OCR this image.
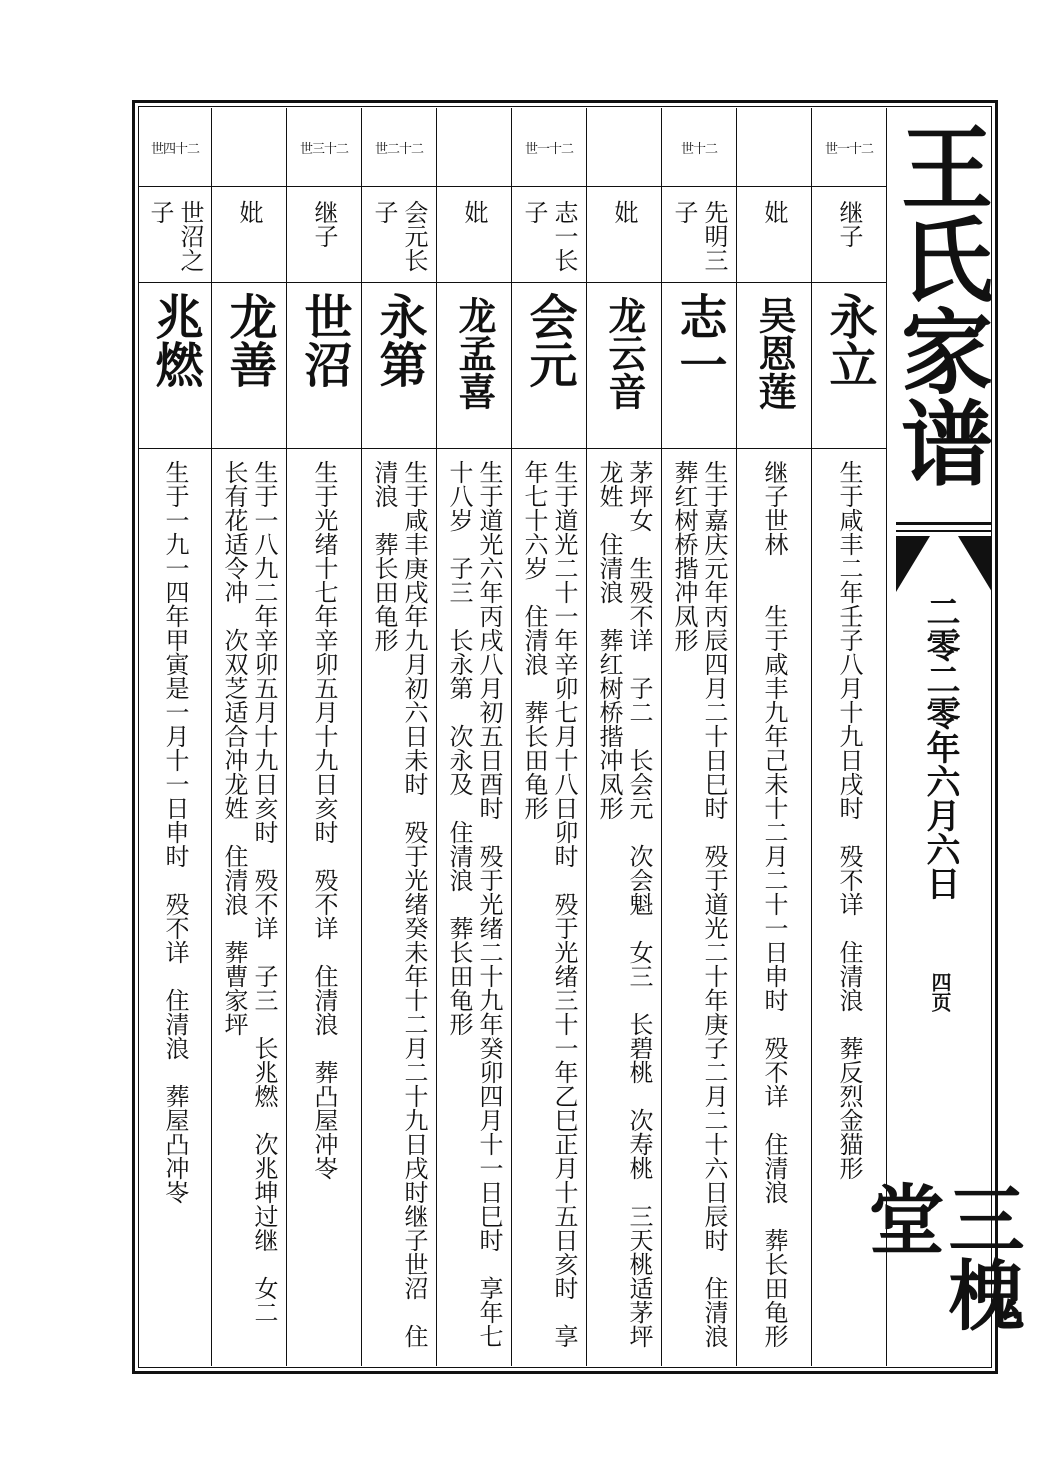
世一十二
继子
永立
生于咸丰二年壬子八月十九日戌时　殁不详　住清浪　葬反烈金猫形
妣
吴恩莲
继子世林　　生于咸丰九年己未十二月二十一日申时　殁不详　住清浪　葬长田龟形
世十二
先明三子
志一
生于嘉庆元年丙辰四月二十日巳时　殁于道光二十年庚子二月二十六日辰时　住清浪　葬红树桥揩冲凤形
妣
龙云音
茅坪女　生殁不详　子二　长会元　次会魁　女三　长碧桃　次寿桃　三天桃适茅坪龙姓　住清浪　葬红树桥揩冲凤形
世一十二
志一长子
会元
生于道光二十一年辛卯七月十八日卯时　殁于光绪三十一年乙巳正月十五日亥时　享年七十六岁　住清浪　葬长田龟形
妣
龙孟喜
生于道光六年丙戌八月初五日酉时　殁于光绪二十九年癸卯四月十一日巳时　享年七十八岁　子三　长永第　次永及　住清浪　葬长田龟形
世二十二
会元长子
永第
生于咸丰庚戌年九月初六日未时　殁于光绪癸未年十二月二十九日戌时继子世沼　住清浪　葬长田龟形
世三十二
继子
世沼
生于光绪十七年辛卯五月十九日亥时　殁不详　住清浪　葬凸屋冲岺
妣
龙善
生于一八九二年辛卯五月十九日亥时　殁不详　子三　长兆燃　次兆坤过继　女二　长有花适令冲　次双芝适合冲龙姓　住清浪　葬曹家坪
世四十二
世沼之子
兆燃
生于一九一四年甲寅是一月十一日申时　殁不详　住清浪　葬屋凸冲岺
王氏家谱
二零二零年六月六日
四页
三槐堂
